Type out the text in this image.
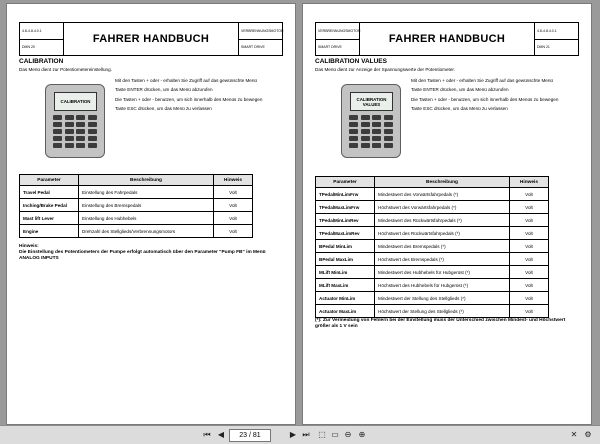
4.8-4.8.4.0.1	FAHRER HANDBUCH	VERBRENNUNGSMOTOR
DMN 20		SMART DRIVE
CALIBRATION
Das Menü dient zur Potentiometereinstellung.
CALIBRATION

Mit den Tasten + oder - erhalten Sie Zugriff auf das gewünschte Menü

Taste ENTER drücken, um das Menü abzurufen

Die Tasten + oder - benutzen, um sich innerhalb des Menüs zu bewegen

Taste ESC drücken, um das Menü zu verlassen

Parameter	Beschreibung	Hinweis
Travel Pedal	Einstellung des Fahrpedals	Volt
Inching/Brake Pedal	Einstellung des Bremspedals	Volt
Mast lift Lever	Einstellung des Hubhebels	Volt
Engine	Drehzahl des Stellglieds/Verbrennungsmotors	Volt
Hinweis:
Die Einstellung des Potentiometers der Pumpe erfolgt automatisch über den Parameter "Pump FB" im Menü ANALOG INPUTS
VERBRENNUNGSMOTOR	FAHRER HANDBUCH	4.8-4.8.4.0.1
SMART DRIVE		DMN 21
CALIBRATION VALUES
Das Menü dient zur Anzeige der Spannungswerte der Potentiometer.
CALIBRATION
VALUES

Mit den Tasten + oder - erhalten Sie Zugriff auf das gewünschte Menü

Taste ENTER drücken, um das Menü abzurufen

Die Tasten + oder - benutzen, um sich innerhalb des Menüs zu bewegen

Taste ESC drücken, um das Menü zu verlassen

Parameter	Beschreibung	Hinweis
TPedalMinLimFrw	Mindestwert des Vorwärtsfahrpedals (*)	Volt
TPedalMaxLimFrw	Höchstwert des Vorwärtsfahrpedals (*)	Volt
TPedalMinLimRev	Mindestwert des Rückwärtsfahrpedals (*)	Volt
TPedalMaxLimRev	Höchstwert des Rückwärtsfahrpedals (*)	Volt
BPedal MinLim	Mindestwert des Bremspedals (*)	Volt
BPedal MaxLim	Höchstwert des Bremspedals (*)	Volt
MLift MinLim	Mindestwert des Hubhebels für Hubgerüst (*)	Volt
MLift MaxLim	Höchstwert des Hubhebels für Hubgerüst (*)	Volt
Actuator MinLim	Mindestwert der Stellung des Stellglieds (*)	Volt
Actuator MaxLim	Höchstwert der Stellung des Stellglieds (*)	Volt
(*): Zur Vermeidung von Fehlern bei der Einstellung muss der Unterschied zwischen Mindest- und Höchstwert größer als 1 V sein
⏮ ◀	23 / 81	▶ ⏭	⬚ ▭ ⊖ ⊕	✕ ⚙
